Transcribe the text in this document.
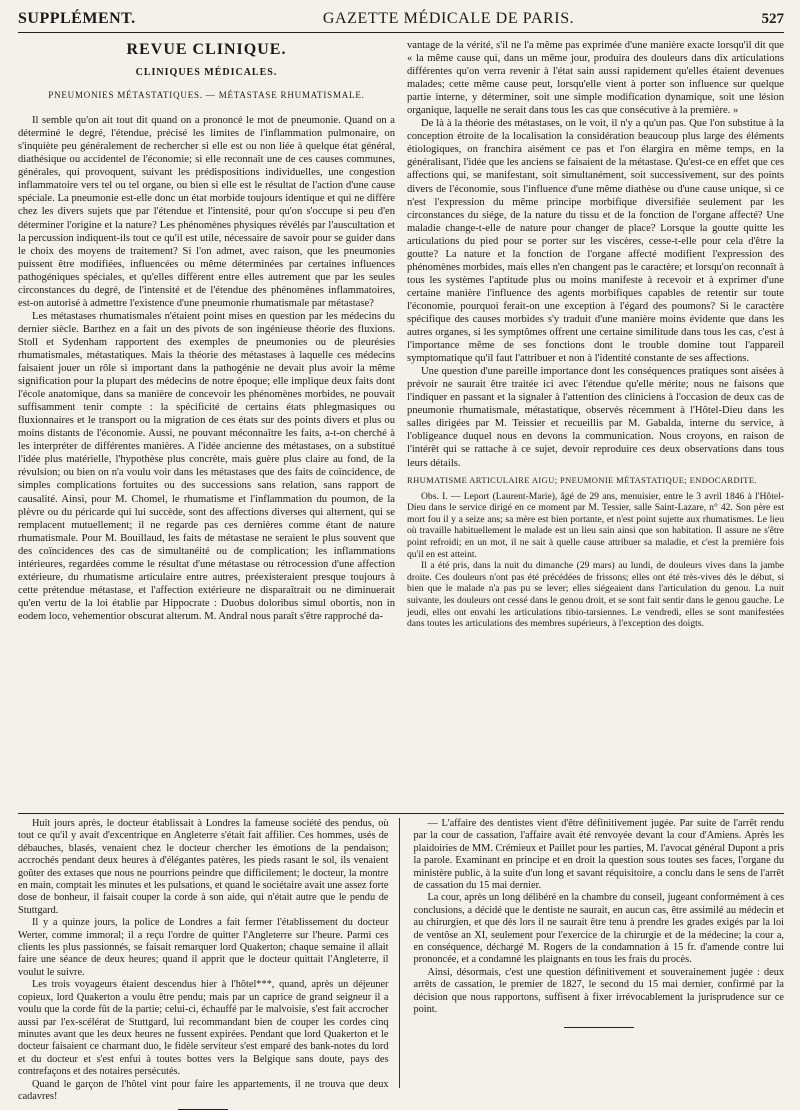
SUPPLÉMENT.	GAZETTE MÉDICALE DE PARIS.	527
REVUE CLINIQUE.
CLINIQUES MÉDICALES.
PNEUMONIES MÉTASTATIQUES. — MÉTASTASE RHUMATISMALE.

Il semble qu'on ait tout dit quand on a prononcé le mot de pneumonie. Quand on a déterminé le degré, l'étendue, précisé les limites de l'inflammation pulmonaire, on s'inquiète peu généralement de rechercher si elle est ou non liée à quelque état général, diathésique ou accidentel de l'économie; si elle reconnaît une de ces causes communes, générales, qui provoquent, suivant les prédispositions individuelles, une congestion inflammatoire vers tel ou tel organe, ou bien si elle est le résultat de l'action d'une cause spéciale. La pneumonie est-elle donc un état morbide toujours identique et qui ne diffère chez les divers sujets que par l'étendue et l'intensité, pour qu'on s'occupe si peu d'en déterminer l'origine et la nature? Les phénomènes physiques révélés par l'auscultation et la percussion indiquent-ils tout ce qu'il est utile, nécessaire de savoir pour se guider dans le choix des moyens de traitement? Si l'on admet, avec raison, que les pneumonies puissent être modifiées, influencées ou même déterminées par certaines influences pathogéniques spéciales, et qu'elles diffèrent entre elles autrement que par les seules circonstances du degré, de l'intensité et de l'étendue des phénomènes inflammatoires, est-on autorisé à admettre l'existence d'une pneumonie rhumatismale par métastase?

Les métastases rhumatismales n'étaient point mises en question par les médecins du dernier siècle. Barthez en a fait un des pivots de son ingénieuse théorie des fluxions. Stoll et Sydenham rapportent des exemples de pneumonies ou de pleurésies rhumatismales, métastatiques. Mais la théorie des métastases à laquelle ces médecins faisaient jouer un rôle si important dans la pathogénie ne devait plus avoir la même signification pour la plupart des médecins de notre époque; elle implique deux faits dont l'école anatomique, dans sa manière de concevoir les phénomènes morbides, ne pouvait suffisamment tenir compte : la spécificité de certains états phlegmasiques ou fluxionnaires et le transport ou la migration de ces états sur des points divers et plus ou moins distants de l'économie. Aussi, ne pouvant méconnaître les faits, a-t-on cherché à les interpréter de différentes manières. A l'idée ancienne des métastases, on a substitué l'idée plus matérielle, l'hypothèse plus concrète, mais guère plus claire au fond, de la révulsion; ou bien on n'a voulu voir dans les métastases que des faits de coïncidence, de simples complications fortuites ou des successions sans relation, sans rapport de causalité. Ainsi, pour M. Chomel, le rhumatisme et l'inflammation du poumon, de la plèvre ou du péricarde qui lui succède, sont des affections diverses qui alternent, qui se remplacent mutuellement; il ne regarde pas ces dernières comme étant de nature rhumatismale. Pour M. Bouillaud, les faits de métastase ne seraient le plus souvent que des coïncidences des cas de simultanéité ou de complication; les inflammations intérieures, regardées comme le résultat d'une métastase ou rétrocession d'une affection extérieure, du rhumatisme articulaire entre autres, préexisteraient presque toujours à cette prétendue métastase, et l'affection extérieure ne disparaîtrait ou ne diminuerait qu'en vertu de la loi établie par Hippocrate : Duobus doloribus simul obortis, non in eodem loco, vehementior obscurat alterum. M. Andral nous paraît s'être rapproché da-

vantage de la vérité, s'il ne l'a même pas exprimée d'une manière exacte lorsqu'il dit que « la même cause qui, dans un même jour, produira des douleurs dans dix articulations différentes qu'on verra revenir à l'état sain aussi rapidement qu'elles étaient devenues malades; cette même cause peut, lorsqu'elle vient à porter son influence sur quelque partie interne, y déterminer, soit une simple modification dynamique, soit une lésion organique, laquelle ne serait dans tous les cas que consécutive à la première. »

De là à la théorie des métastases, on le voit, il n'y a qu'un pas. Que l'on substitue à la conception étroite de la localisation la considération beaucoup plus large des éléments étiologiques, on franchira aisément ce pas et l'on élargira en même temps, en la généralisant, l'idée que les anciens se faisaient de la métastase. Qu'est-ce en effet que ces affections qui, se manifestant, soit simultanément, soit successivement, sur des points divers de l'économie, sous l'influence d'une même diathèse ou d'une cause unique, si ce n'est l'expression du même principe morbifique diversifiée seulement par les circonstances du siége, de la nature du tissu et de la fonction de l'organe affecté? Une maladie change-t-elle de nature pour changer de place? Lorsque la goutte quitte les articulations du pied pour se porter sur les viscères, cesse-t-elle pour cela d'être la goutte? La nature et la fonction de l'organe affecté modifient l'expression des phénomènes morbides, mais elles n'en changent pas le caractère; et lorsqu'on reconnaît à tous les systèmes l'aptitude plus ou moins manifeste à recevoir et à exprimer d'une certaine manière l'influence des agents morbifiques capables de retentir sur toute l'économie, pourquoi ferait-on une exception à l'égard des poumons? Si le caractère spécifique des causes morbides s'y traduit d'une manière moins évidente que dans les autres organes, si les symptômes offrent une certaine similitude dans tous les cas, c'est à l'importance même de ses fonctions dont le trouble domine tout l'appareil symptomatique qu'il faut l'attribuer et non à l'identité constante de ses affections.

Une question d'une pareille importance dont les conséquences pratiques sont aisées à prévoir ne saurait être traitée ici avec l'étendue qu'elle mérite; nous ne faisons que l'indiquer en passant et la signaler à l'attention des cliniciens à l'occasion de deux cas de pneumonie rhumatismale, métastatique, observés récemment à l'Hôtel-Dieu dans les salles dirigées par M. Teissier et recueillis par M. Gabalda, interne du service, à l'obligeance duquel nous en devons la communication. Nous croyons, en raison de l'intérêt qui se rattache à ce sujet, devoir reproduire ces deux observations dans tous leurs détails.

RHUMATISME ARTICULAIRE AIGU; PNEUMONIE MÉTASTATIQUE; ENDOCARDITE.

Obs. I. — Leport (Laurent-Marie), âgé de 29 ans, menuisier, entre le 3 avril 1846 à l'Hôtel-Dieu dans le service dirigé en ce moment par M. Tessier, salle Saint-Lazare, n° 42. Son père est mort fou il y a seize ans; sa mère est bien portante, et n'est point sujette aux rhumatismes. Le lieu où travaille habituellement le malade est un lieu sain ainsi que son habitation. Il assure ne s'être point refroidi; en un mot, il ne sait à quelle cause attribuer sa maladie, et c'est la première fois qu'il en est atteint.

Il a été pris, dans la nuit du dimanche (29 mars) au lundi, de douleurs vives dans la jambe droite. Ces douleurs n'ont pas été précédées de frissons; elles ont été très-vives dès le début, si bien que le malade n'a pas pu se lever; elles siégeaient dans l'articulation du genou. La nuit suivante, les douleurs ont cessé dans le genou droit, et se sont fait sentir dans le genou gauche. Le jeudi, elles ont envahi les articulations tibio-tarsiennes. Le vendredi, elles se sont manifestées dans toutes les articulations des membres supérieurs, à l'exception des doigts.

Huit jours après, le docteur établissait à Londres la fameuse société des pendus, où tout ce qu'il y avait d'excentrique en Angleterre s'était fait affilier. Ces hommes, usés de débauches, blasés, venaient chez le docteur chercher les émotions de la pendaison; accrochés pendant deux heures à d'élégantes patères, les pieds rasant le sol, ils venaient goûter des extases que nous ne pourrions peindre que difficilement; le docteur, la montre en main, comptait les minutes et les pulsations, et quand le sociétaire avait une assez forte dose de bonheur, il faisait couper la corde à son aide, qui n'était autre que le pendu de Stuttgard.

Il y a quinze jours, la police de Londres a fait fermer l'établissement du docteur Werter, comme immoral; il a reçu l'ordre de quitter l'Angleterre sur l'heure. Parmi ces clients les plus passionnés, se faisait remarquer lord Quakerton; chaque semaine il allait faire une séance de deux heures; quand il apprit que le docteur quittait l'Angleterre, il voulut le suivre.

Les trois voyageurs étaient descendus hier à l'hôtel***, quand, après un déjeuner copieux, lord Quakerton a voulu être pendu; mais par un caprice de grand seigneur il a voulu que la corde fût de la partie; celui-ci, échauffé par le malvoisie, s'est fait accrocher aussi par l'ex-scélérat de Stuttgard, lui recommandant bien de couper les cordes cinq minutes avant que les deux heures ne fussent expirées. Pendant que lord Quakerton et le docteur faisaient ce charmant duo, le fidèle serviteur s'est emparé des bank-notes du lord et du docteur et s'est enfui à toutes bottes vers la Belgique sans doute, pays des contrefaçons et des notaires persécutés.

Quand le garçon de l'hôtel vint pour faire les appartements, il ne trouva que deux cadavres!

— L'affaire des dentistes vient d'être définitivement jugée. Par suite de l'arrêt rendu par la cour de cassation, l'affaire avait été renvoyée devant la cour d'Amiens. Après les plaidoiries de MM. Crémieux et Paillet pour les parties, M. l'avocat général Dupont a pris la parole. Examinant en principe et en droit la question sous toutes ses faces, l'organe du ministère public, à la suite d'un long et savant réquisitoire, a conclu dans le sens de l'arrêt de cassation du 15 mai dernier.

La cour, après un long délibéré en la chambre du conseil, jugeant conformément à ces conclusions, a décidé que le dentiste ne saurait, en aucun cas, être assimilé au médecin et au chirurgien, et que dès lors il ne saurait être tenu à prendre les grades exigés par la loi de ventôse an XI, seulement pour l'exercice de la chirurgie et de la médecine; la cour a, en conséquence, déchargé M. Rogers de la condamnation à 15 fr. d'amende contre lui prononcée, et a condamné les plaignants en tous les frais du procès.

Ainsi, désormais, c'est une question définitivement et souverainement jugée : deux arrêts de cassation, le premier de 1827, le second du 15 mai dernier, confirmé par la décision que nous rapportons, suffisent à fixer irrévocablement la jurisprudence sur ce point.
